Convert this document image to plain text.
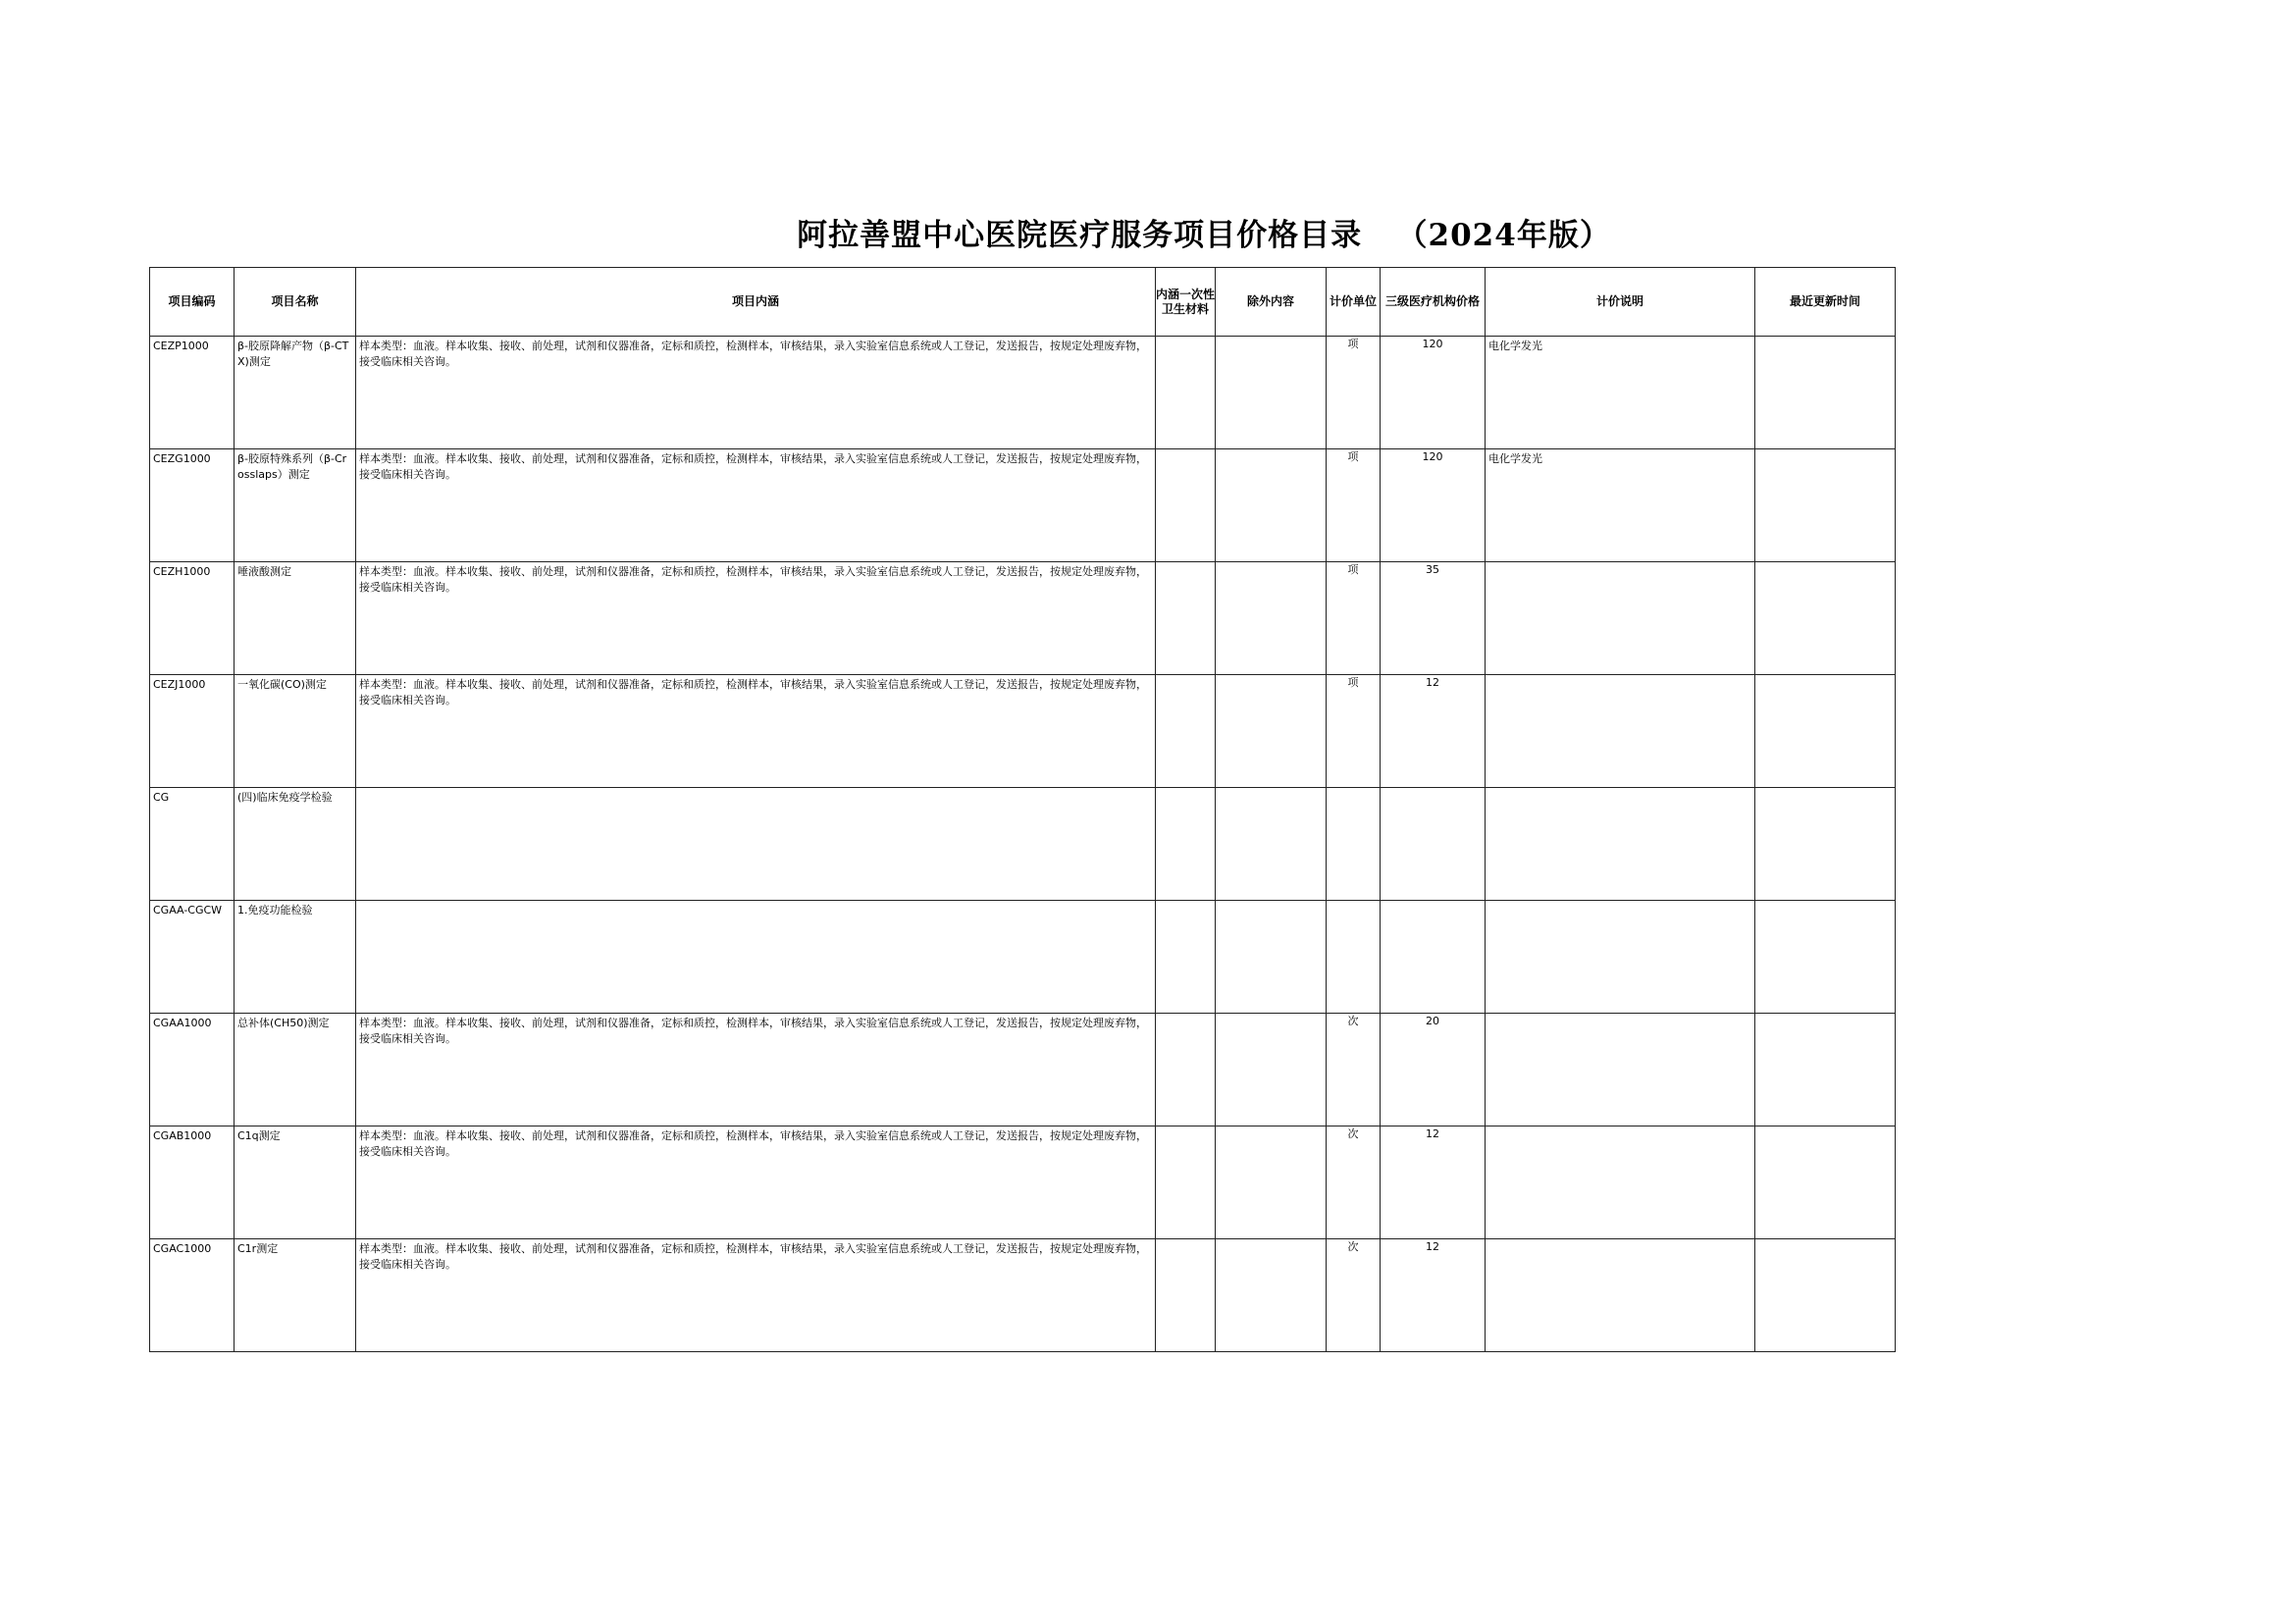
阿拉善盟中心医院医疗服务项目价格目录   （2024年版）
项目编码	项目名称	项目内涵	内涵一次性卫生材料	除外内容	计价单位	三级医疗机构价格	计价说明	最近更新时间

CEZP1000	β-胶原降解产物（β-CTX)测定	样本类型：血液。样本收集、接收、前处理，试剂和仪器准备，定标和质控，检测样本，审核结果，录入实验室信息系统或人工登记，发送报告，按规定处理废弃物，接受临床相关咨询。			项	120	电化学发光	

CEZG1000	β-胶原特殊系列（β-Crosslaps）测定	样本类型：血液。样本收集、接收、前处理，试剂和仪器准备，定标和质控，检测样本，审核结果，录入实验室信息系统或人工登记，发送报告，按规定处理废弃物，接受临床相关咨询。			项	120	电化学发光	

CEZH1000	唾液酸测定	样本类型：血液。样本收集、接收、前处理，试剂和仪器准备，定标和质控，检测样本，审核结果，录入实验室信息系统或人工登记，发送报告，按规定处理废弃物，接受临床相关咨询。			项	35	

CEZJ1000	一氧化碳(CO)测定	样本类型：血液。样本收集、接收、前处理，试剂和仪器准备，定标和质控，检测样本，审核结果，录入实验室信息系统或人工登记，发送报告，按规定处理废弃物，接受临床相关咨询。			项	12	

CG	(四)临床免疫学检验							

CGAA-CGCW	1.免疫功能检验							

CGAA1000	总补体(CH50)测定	样本类型：血液。样本收集、接收、前处理，试剂和仪器准备，定标和质控，检测样本，审核结果，录入实验室信息系统或人工登记，发送报告，按规定处理废弃物，接受临床相关咨询。			次	20	

CGAB1000	C1q测定	样本类型：血液。样本收集、接收、前处理，试剂和仪器准备，定标和质控，检测样本，审核结果，录入实验室信息系统或人工登记，发送报告，按规定处理废弃物，接受临床相关咨询。			次	12	

CGAC1000	C1r测定	样本类型：血液。样本收集、接收、前处理，试剂和仪器准备，定标和质控，检测样本，审核结果，录入实验室信息系统或人工登记，发送报告，按规定处理废弃物，接受临床相关咨询。			次	12	
